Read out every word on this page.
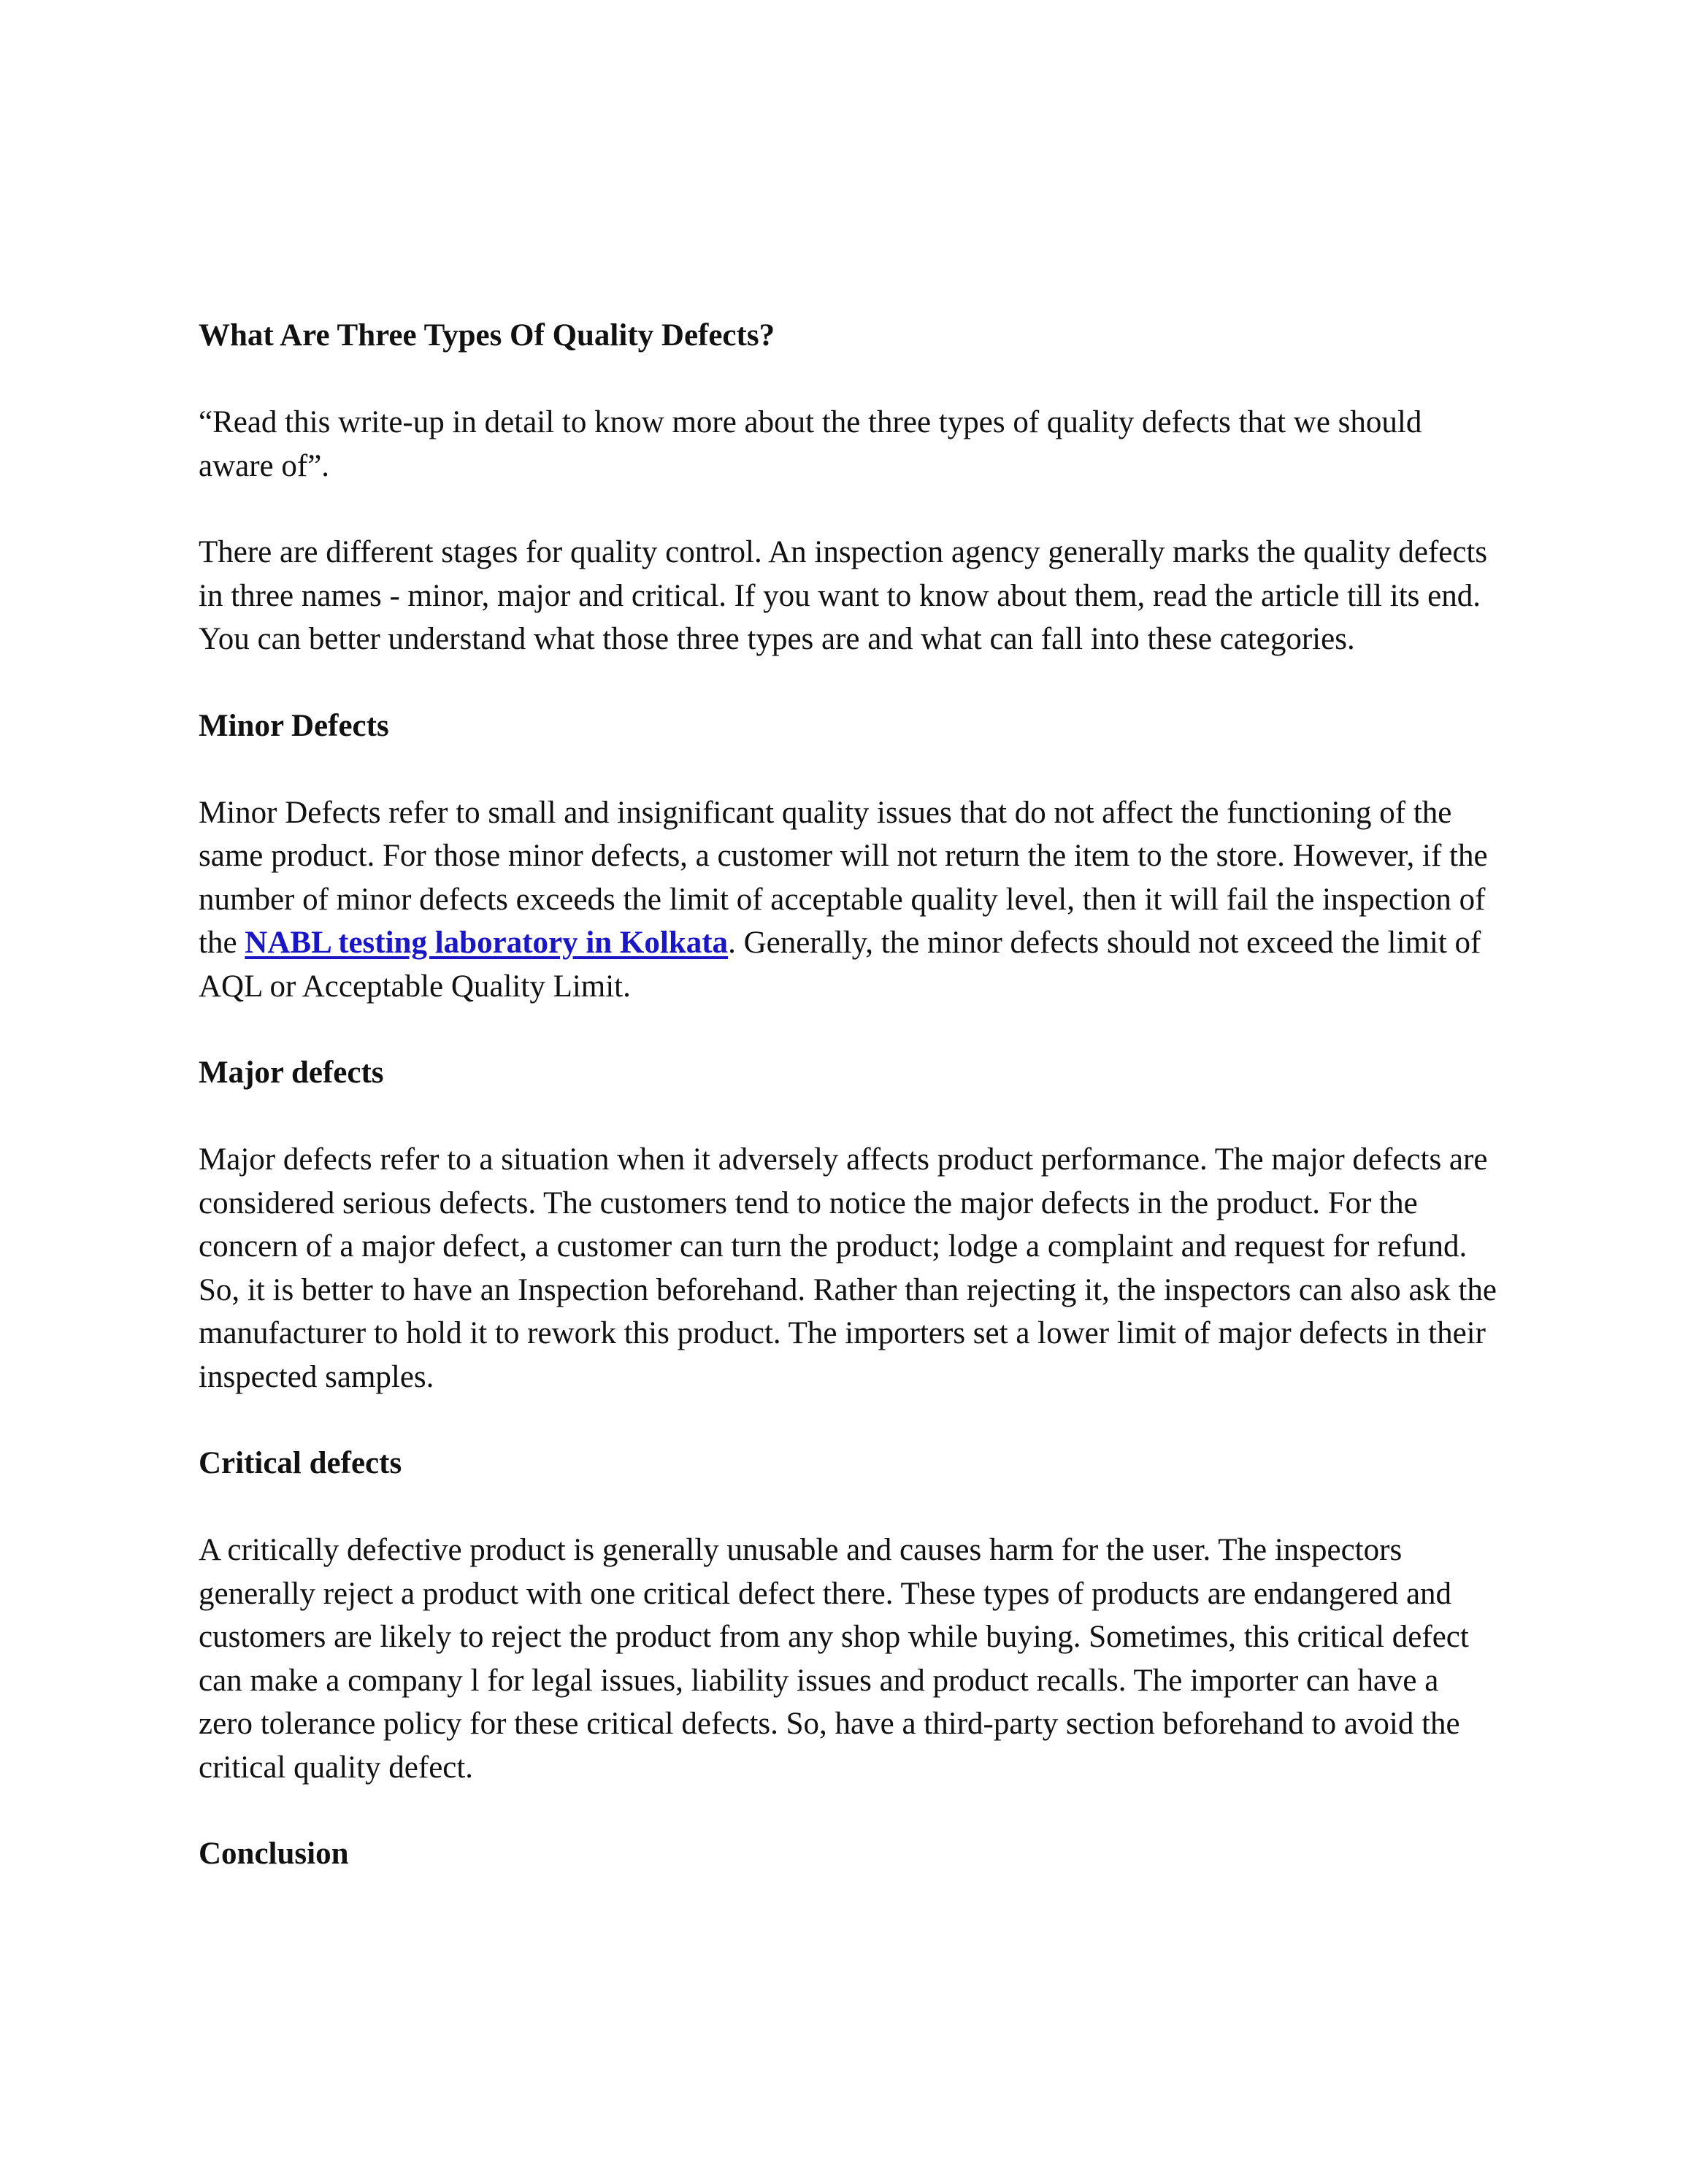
What Are Three Types Of Quality Defects?

“Read this write-up in detail to know more about the three types of quality defects that we should aware of”.

There are different stages for quality control. An inspection agency generally marks the quality defects in three names - minor, major and critical. If you want to know about them, read the article till its end. You can better understand what those three types are and what can fall into these categories.

Minor Defects

Minor Defects refer to small and insignificant quality issues that do not affect the functioning of the same product. For those minor defects, a customer will not return the item to the store. However, if the number of minor defects exceeds the limit of acceptable quality level, then it will fail the inspection of the NABL testing laboratory in Kolkata. Generally, the minor defects should not exceed the limit of AQL or Acceptable Quality Limit.

Major defects

Major defects refer to a situation when it adversely affects product performance. The major defects are considered serious defects. The customers tend to notice the major defects in the product. For the concern of a major defect, a customer can turn the product; lodge a complaint and request for refund. So, it is better to have an Inspection beforehand. Rather than rejecting it, the inspectors can also ask the manufacturer to hold it to rework this product. The importers set a lower limit of major defects in their inspected samples.

Critical defects

A critically defective product is generally unusable and causes harm for the user. The inspectors generally reject a product with one critical defect there. These types of products are endangered and customers are likely to reject the product from any shop while buying. Sometimes, this critical defect can make a company l for legal issues, liability issues and product recalls. The importer can have a zero tolerance policy for these critical defects. So, have a third-party section beforehand to avoid the critical quality defect.

Conclusion
